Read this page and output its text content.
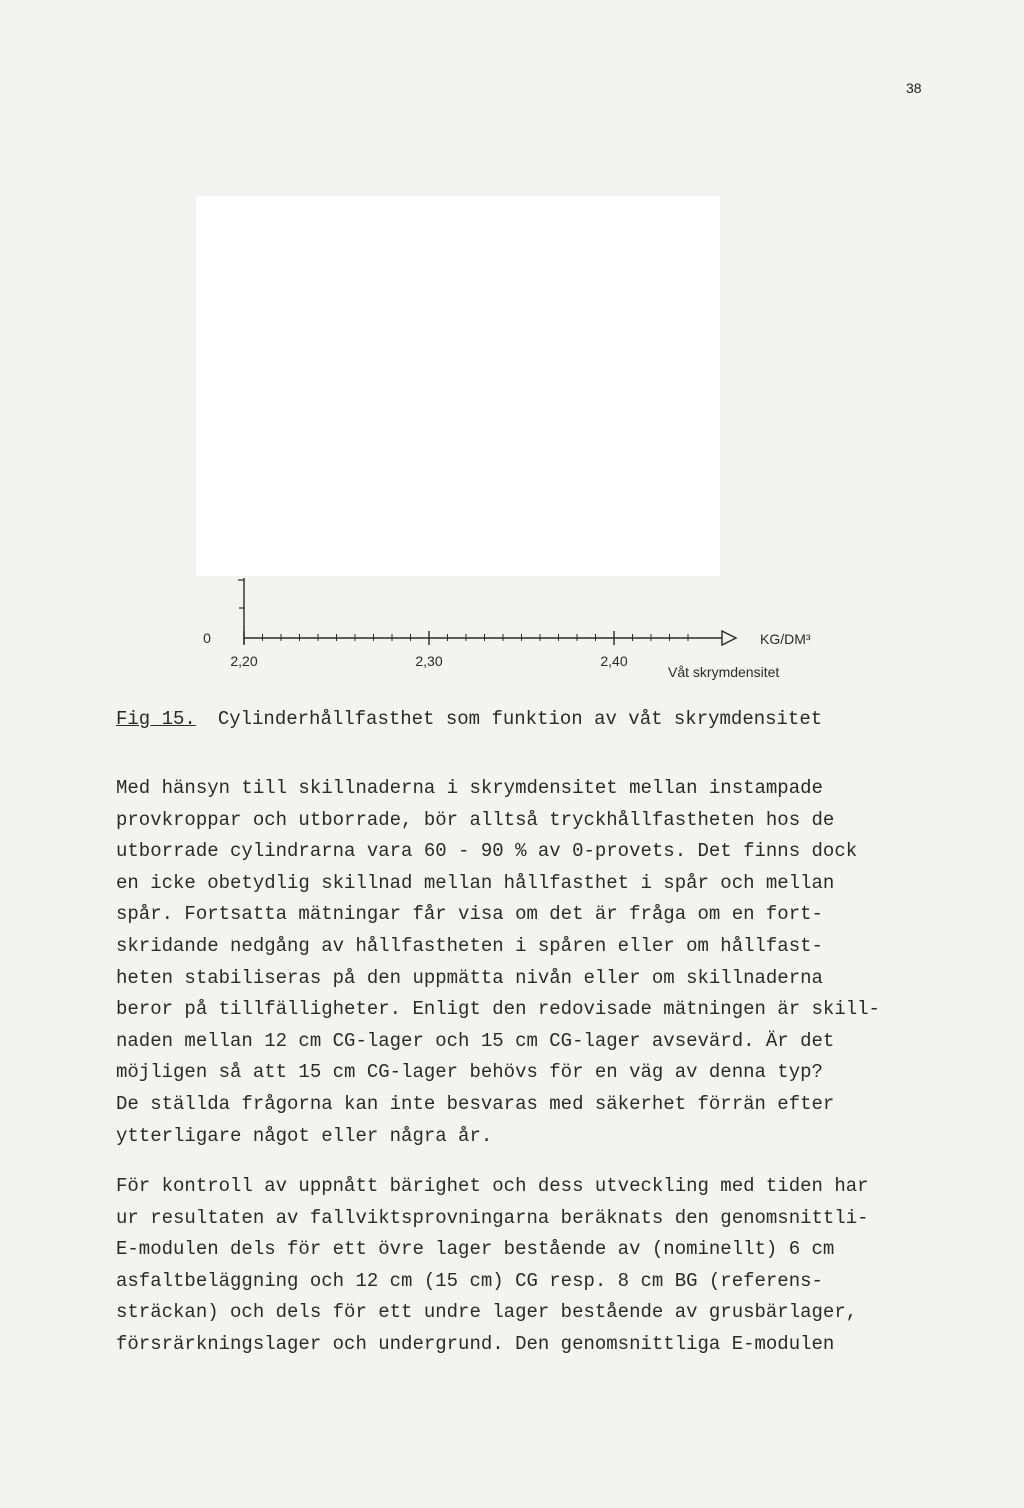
38
2,20	2,30	2,40
0	KG/DM³
Våt skrymdensitet
Fig 15. Cylinderhållfasthet som funktion av våt skrymdensitet
Med hänsyn till skillnaderna i skrymdensitet mellan instampade
provkroppar och utborrade, bör alltså tryckhållfastheten hos de
utborrade cylindrarna vara 60 - 90 % av 0-provets. Det finns dock
en icke obetydlig skillnad mellan hållfasthet i spår och mellan
spår. Fortsatta mätningar får visa om det är fråga om en fort-
skridande nedgång av hållfastheten i spåren eller om hållfast-
heten stabiliseras på den uppmätta nivån eller om skillnaderna
beror på tillfälligheter. Enligt den redovisade mätningen är skill-
naden mellan 12 cm CG-lager och 15 cm CG-lager avsevärd. Är det
möjligen så att 15 cm CG-lager behövs för en väg av denna typ?
De ställda frågorna kan inte besvaras med säkerhet förrän efter
ytterligare något eller några år.
För kontroll av uppnått bärighet och dess utveckling med tiden har
ur resultaten av fallviktsprovningarna beräknats den genomsnittli-
E-modulen dels för ett övre lager bestående av (nominellt) 6 cm
asfaltbeläggning och 12 cm (15 cm) CG resp. 8 cm BG (referens-
sträckan) och dels för ett undre lager bestående av grusbärlager,
försrärkningslager och undergrund. Den genomsnittliga E-modulen
